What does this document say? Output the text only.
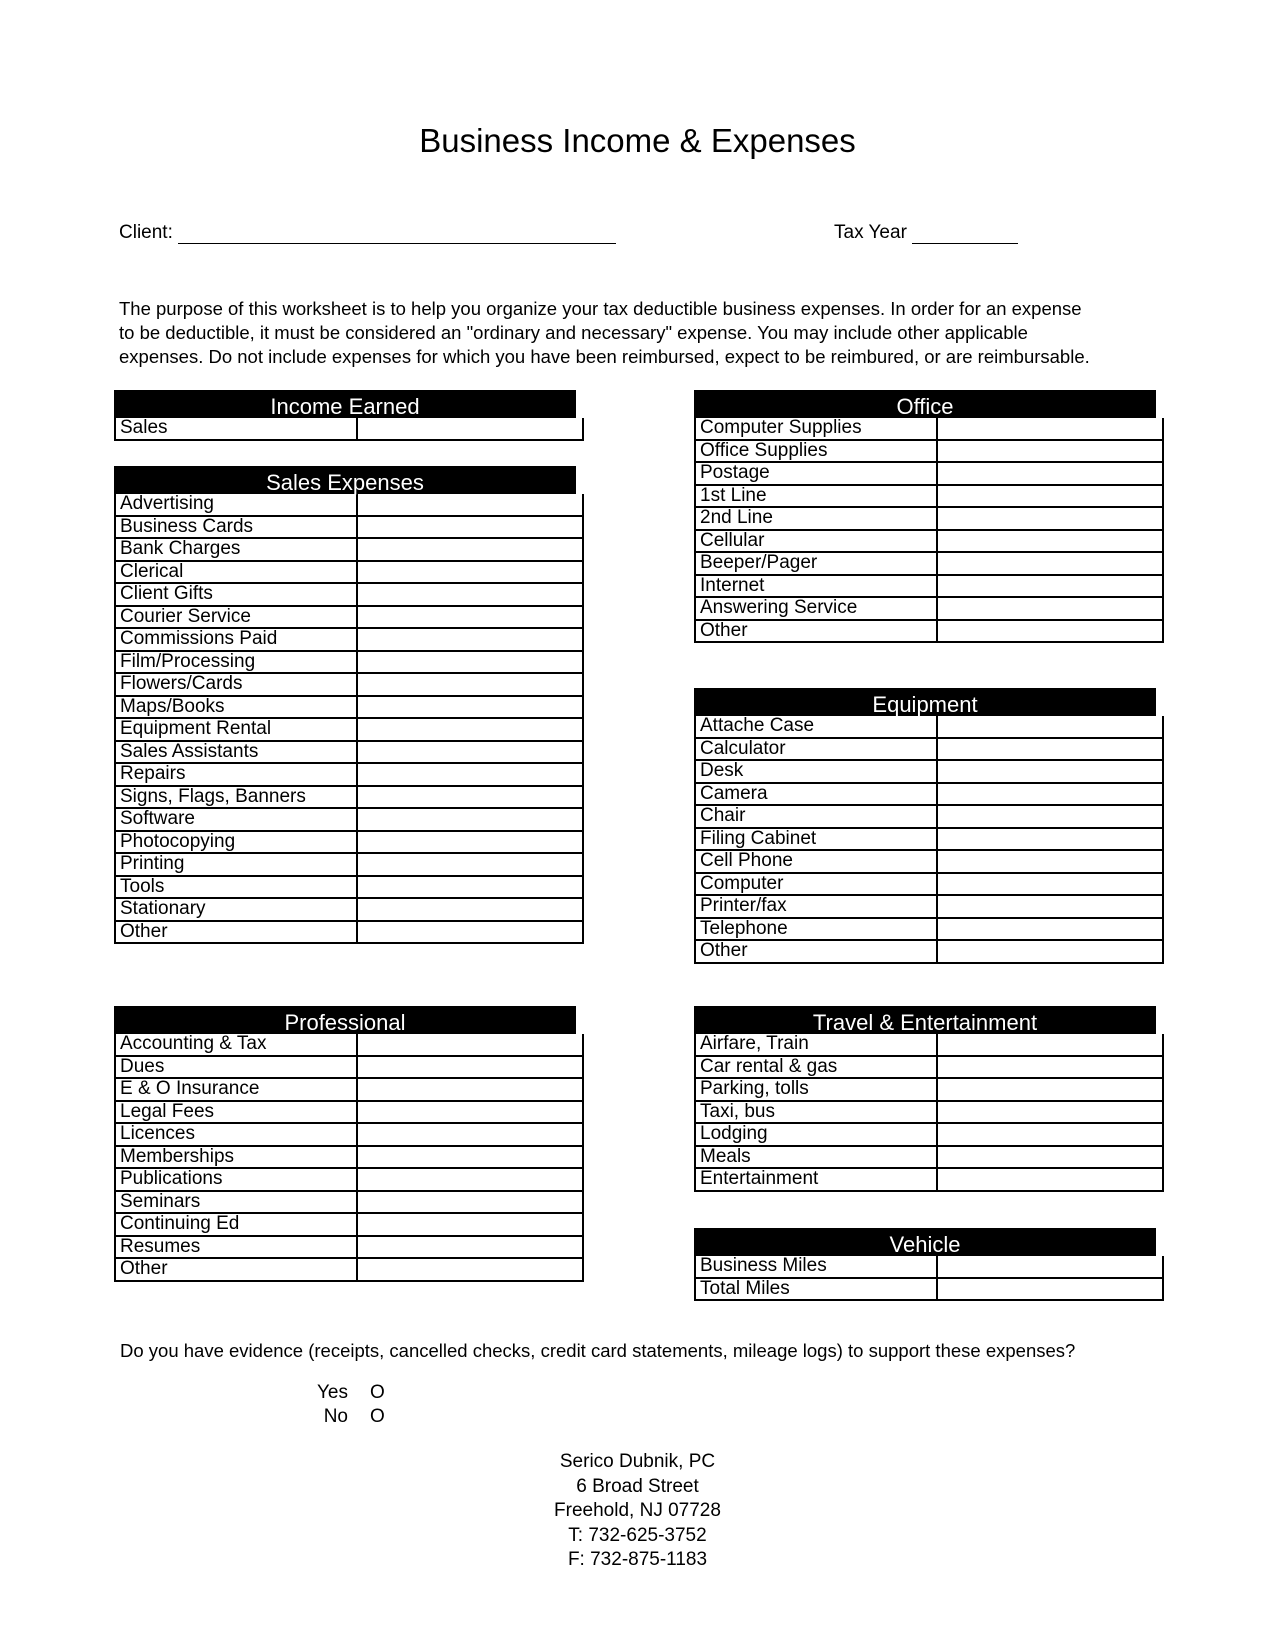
Business Income & Expenses
Client:	Tax Year
The purpose of this worksheet is to help you organize your tax deductible business expenses. In order for an expense
to be deductible, it must be considered an "ordinary and necessary" expense. You may include other applicable
expenses. Do not include expenses for which you have been reimbursed, expect to be reimbured, or are reimbursable.
Income Earned
Sales	
Sales Expenses
Advertising	
Business Cards	
Bank Charges	
Clerical	
Client Gifts	
Courier Service	
Commissions Paid	
Film/Processing	
Flowers/Cards	
Maps/Books	
Equipment Rental	
Sales Assistants	
Repairs	
Signs, Flags, Banners	
Software	
Photocopying	
Printing	
Tools	
Stationary	
Other	
Professional
Accounting & Tax	
Dues	
E & O Insurance	
Legal Fees	
Licences	
Memberships	
Publications	
Seminars	
Continuing Ed	
Resumes	
Other	
Office
Computer Supplies	
Office Supplies	
Postage	
1st Line	
2nd Line	
Cellular	
Beeper/Pager	
Internet	
Answering Service	
Other	
Equipment
Attache Case	
Calculator	
Desk	
Camera	
Chair	
Filing Cabinet	
Cell Phone	
Computer	
Printer/fax	
Telephone	
Other	
Travel & Entertainment
Airfare, Train	
Car rental & gas	
Parking, tolls	
Taxi, bus	
Lodging	
Meals	
Entertainment	
Vehicle
Business Miles	
Total Miles	
Do you have evidence (receipts, cancelled checks, credit card statements, mileage logs) to support these expenses?
Yes O
No O
Serico Dubnik, PC
6 Broad Street
Freehold, NJ 07728
T: 732-625-3752
F: 732-875-1183
